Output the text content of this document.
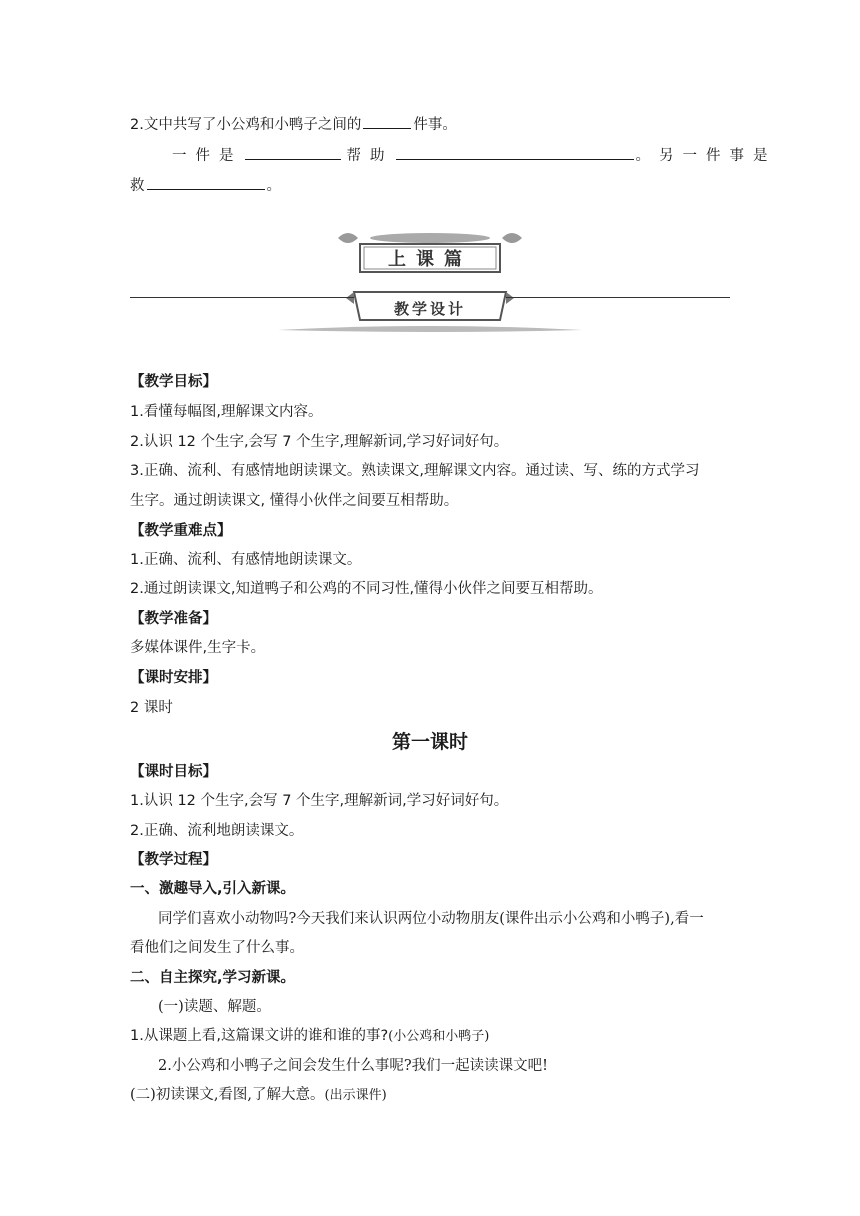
2.文中共写了小公鸡和小鸭子之间的	件事。
一件是	帮助	。另一件事是
救	。
上课篇
教学设计
【教学目标】
1.看懂每幅图,理解课文内容。
2.认识 12 个生字,会写 7 个生字,理解新词,学习好词好句。
3.正确、流利、有感情地朗读课文。熟读课文,理解课文内容。通过读、写、练的方式学习
生字。通过朗读课文, 懂得小伙伴之间要互相帮助。
【教学重难点】
1.正确、流利、有感情地朗读课文。
2.通过朗读课文,知道鸭子和公鸡的不同习性,懂得小伙伴之间要互相帮助。
【教学准备】
多媒体课件,生字卡。
【课时安排】
2 课时
第一课时
【课时目标】
1.认识 12 个生字,会写 7 个生字,理解新词,学习好词好句。
2.正确、流利地朗读课文。
【教学过程】
一、激趣导入,引入新课。
同学们喜欢小动物吗?今天我们来认识两位小动物朋友(课件出示小公鸡和小鸭子),看一
看他们之间发生了什么事。
二、自主探究,学习新课。
(一)读题、解题。
1.从课题上看,这篇课文讲的谁和谁的事?(小公鸡和小鸭子)
2.小公鸡和小鸭子之间会发生什么事呢?我们一起读读课文吧!
(二)初读课文,看图,了解大意。(出示课件)
